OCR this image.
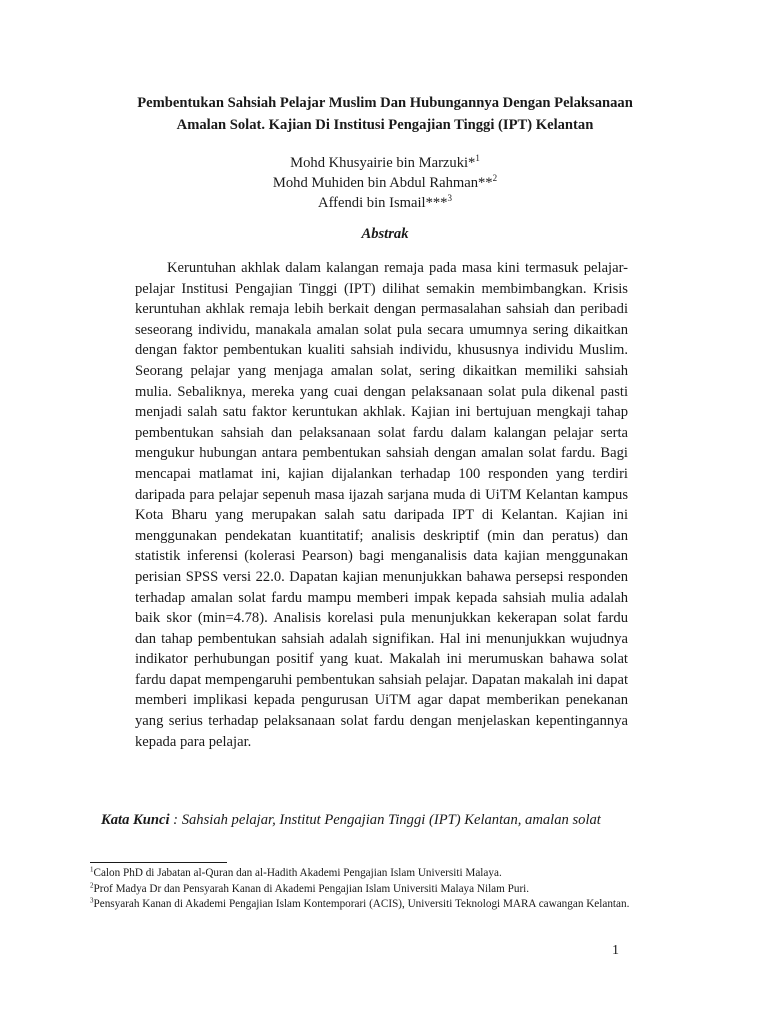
Pembentukan Sahsiah Pelajar Muslim Dan Hubungannya Dengan Pelaksanaan
Amalan Solat. Kajian Di Institusi Pengajian Tinggi (IPT) Kelantan
Mohd Khusyairie bin Marzuki*$^1$
Mohd Muhiden bin Abdul Rahman**$^2$
Affendi bin Ismail***$^3$
Abstrak

Keruntuhan akhlak dalam kalangan remaja pada masa kini termasuk pelajar-pelajar Institusi Pengajian Tinggi (IPT) dilihat semakin membimbangkan. Krisis keruntuhan akhlak remaja lebih berkait dengan permasalahan sahsiah dan peribadi seseorang individu, manakala amalan solat pula secara umumnya sering dikaitkan dengan faktor pembentukan kualiti sahsiah individu, khususnya individu Muslim. Seorang pelajar yang menjaga amalan solat, sering dikaitkan memiliki sahsiah mulia. Sebaliknya, mereka yang cuai dengan pelaksanaan solat pula dikenal pasti menjadi salah satu faktor keruntukan akhlak. Kajian ini bertujuan mengkaji tahap pembentukan sahsiah dan pelaksanaan solat fardu dalam kalangan pelajar serta mengukur hubungan antara pembentukan sahsiah dengan amalan solat fardu. Bagi mencapai matlamat ini, kajian dijalankan terhadap 100 responden yang terdiri daripada para pelajar sepenuh masa ijazah sarjana muda di UiTM Kelantan kampus Kota Bharu yang merupakan salah satu daripada IPT di Kelantan. Kajian ini menggunakan pendekatan kuantitatif; analisis deskriptif (min dan peratus) dan statistik inferensi (kolerasi Pearson) bagi menganalisis data kajian menggunakan perisian SPSS versi 22.0. Dapatan kajian menunjukkan bahawa persepsi responden terhadap amalan solat fardu mampu memberi impak kepada sahsiah mulia adalah baik skor (min=4.78). Analisis korelasi pula menunjukkan kekerapan solat fardu dan tahap pembentukan sahsiah adalah signifikan. Hal ini menunjukkan wujudnya indikator perhubungan positif yang kuat. Makalah ini merumuskan bahawa solat fardu dapat mempengaruhi pembentukan sahsiah pelajar. Dapatan makalah ini dapat memberi implikasi kepada pengurusan UiTM agar dapat memberikan penekanan yang serius terhadap pelaksanaan solat fardu dengan menjelaskan kepentingannya kepada para pelajar.

Kata Kunci : Sahsiah pelajar, Institut Pengajian Tinggi (IPT) Kelantan, amalan solat
$^1$Calon PhD di Jabatan al-Quran dan al-Hadith Akademi Pengajian Islam Universiti Malaya.
$^2$Prof Madya Dr dan Pensyarah Kanan di Akademi Pengajian Islam Universiti Malaya Nilam Puri.
$^3$Pensyarah Kanan di Akademi Pengajian Islam Kontemporari (ACIS), Universiti Teknologi MARA cawangan Kelantan.
1
